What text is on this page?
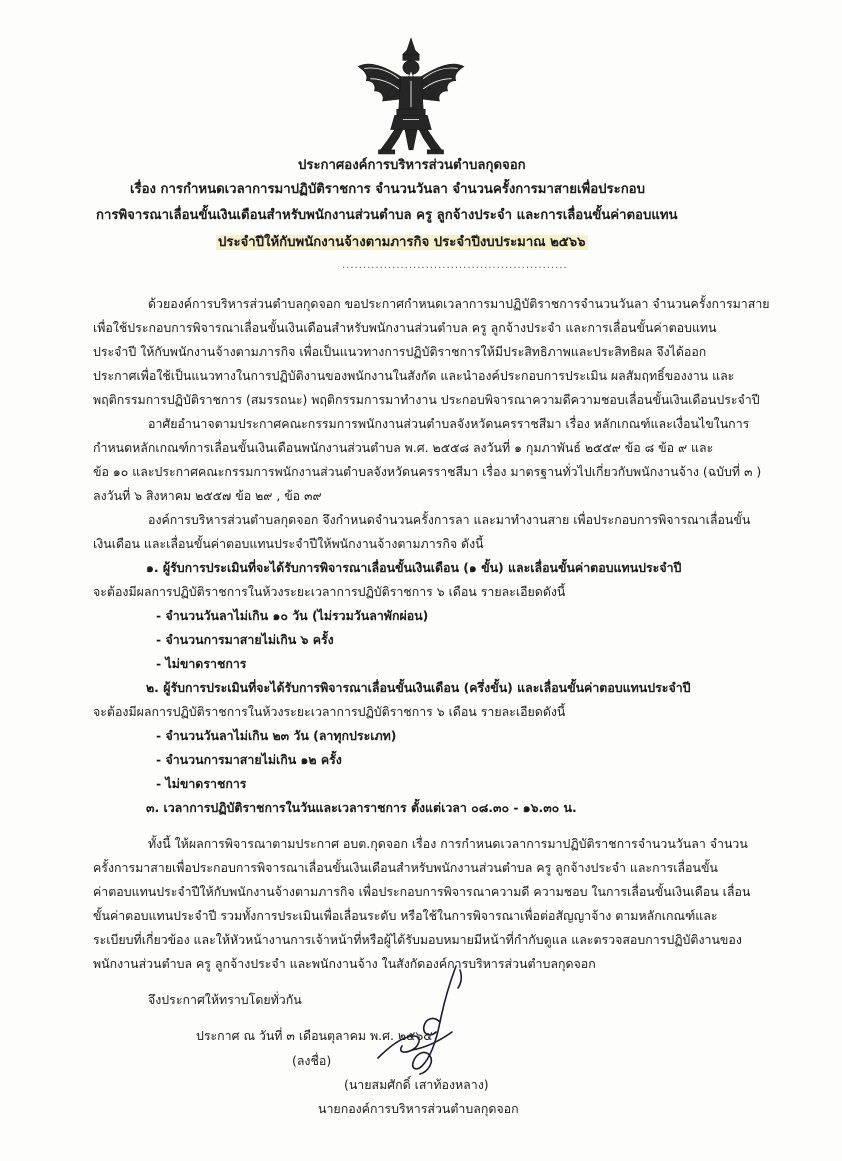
ประกาศองค์การบริหารส่วนตำบลกุดจอก
เรื่อง การกำหนดเวลาการมาปฏิบัติราชการ จำนวนวันลา จำนวนครั้งการมาสายเพื่อประกอบ
การพิจารณาเลื่อนขั้นเงินเดือนสำหรับพนักงานส่วนตำบล ครู ลูกจ้างประจำ และการเลื่อนขั้นค่าตอบแทน
ประจำปีให้กับพนักงานจ้างตามภารกิจ ประจำปีงบประมาณ ๒๕๖๖
......................................................
ด้วยองค์การบริหารส่วนตำบลกุดจอก ขอประกาศกำหนดเวลาการมาปฏิบัติราชการจำนวนวันลา จำนวนครั้งการมาสาย
เพื่อใช้ประกอบการพิจารณาเลื่อนขั้นเงินเดือนสำหรับพนักงานส่วนตำบล ครู ลูกจ้างประจำ และการเลื่อนขั้นค่าตอบแทน
ประจำปี ให้กับพนักงานจ้างตามภารกิจ เพื่อเป็นแนวทางการปฏิบัติราชการให้มีประสิทธิภาพและประสิทธิผล จึงได้ออก
ประกาศเพื่อใช้เป็นแนวทางในการปฏิบัติงานของพนักงานในสังกัด และนำองค์ประกอบการประเมิน ผลสัมฤทธิ์ของงาน และ
พฤติกรรมการปฏิบัติราชการ (สมรรถนะ) พฤติกรรมการมาทำงาน ประกอบพิจารณาความดีความชอบเลื่อนขั้นเงินเดือนประจำปี
อาศัยอำนาจตามประกาศคณะกรรมการพนักงานส่วนตำบลจังหวัดนครราชสีมา เรื่อง หลักเกณฑ์และเงื่อนไขในการ
กำหนดหลักเกณฑ์การเลื่อนขั้นเงินเดือนพนักงานส่วนตำบล พ.ศ. ๒๕๕๘ ลงวันที่ ๑ กุมภาพันธ์ ๒๕๕๙ ข้อ ๘ ข้อ ๙ และ
ข้อ ๑๐ และประกาศคณะกรรมการพนักงานส่วนตำบลจังหวัดนครราชสีมา เรื่อง มาตรฐานทั่วไปเกี่ยวกับพนักงานจ้าง (ฉบับที่ ๓ )
ลงวันที่ ๖ สิงหาคม ๒๕๕๗ ข้อ ๒๙ , ข้อ ๓๙
องค์การบริหารส่วนตำบลกุดจอก จึงกำหนดจำนวนครั้งการลา และมาทำงานสาย เพื่อประกอบการพิจารณาเลื่อนขั้น
เงินเดือน และเลื่อนขั้นค่าตอบแทนประจำปีให้พนักงานจ้างตามภารกิจ ดังนี้
๑. ผู้รับการประเมินที่จะได้รับการพิจารณาเลื่อนขั้นเงินเดือน (๑ ขั้น) และเลื่อนขั้นค่าตอบแทนประจำปี
จะต้องมีผลการปฏิบัติราชการในห้วงระยะเวลาการปฏิบัติราชการ ๖ เดือน รายละเอียดดังนี้
- จำนวนวันลาไม่เกิน ๑๐ วัน (ไม่รวมวันลาพักผ่อน)
- จำนวนการมาสายไม่เกิน ๖ ครั้ง
- ไม่ขาดราชการ
๒. ผู้รับการประเมินที่จะได้รับการพิจารณาเลื่อนขั้นเงินเดือน (ครึ่งขั้น) และเลื่อนขั้นค่าตอบแทนประจำปี
จะต้องมีผลการปฏิบัติราชการในห้วงระยะเวลาการปฏิบัติราชการ ๖ เดือน รายละเอียดดังนี้
- จำนวนวันลาไม่เกิน ๒๓ วัน (ลาทุกประเภท)
- จำนวนการมาสายไม่เกิน ๑๒ ครั้ง
- ไม่ขาดราชการ
๓. เวลาการปฏิบัติราชการในวันและเวลาราชการ ตั้งแต่เวลา ๐๘.๓๐ - ๑๖.๓๐ น.
ทั้งนี้ ให้ผลการพิจารณาตามประกาศ อบต.กุดจอก เรื่อง การกำหนดเวลาการมาปฏิบัติราชการจำนวนวันลา จำนวน
ครั้งการมาสายเพื่อประกอบการพิจารณาเลื่อนขั้นเงินเดือนสำหรับพนักงานส่วนตำบล ครู ลูกจ้างประจำ และการเลื่อนขั้น
ค่าตอบแทนประจำปีให้กับพนักงานจ้างตามภารกิจ เพื่อประกอบการพิจารณาความดี ความชอบ ในการเลื่อนขั้นเงินเดือน เลื่อน
ขั้นค่าตอบแทนประจำปี รวมทั้งการประเมินเพื่อเลื่อนระดับ หรือใช้ในการพิจารณาเพื่อต่อสัญญาจ้าง ตามหลักเกณฑ์และ
ระเบียบที่เกี่ยวข้อง และให้หัวหน้างานการเจ้าหน้าที่หรือผู้ได้รับมอบหมายมีหน้าที่กำกับดูแล และตรวจสอบการปฏิบัติงานของ
พนักงานส่วนตำบล ครู ลูกจ้างประจำ และพนักงานจ้าง ในสังกัดองค์การบริหารส่วนตำบลกุดจอก
จึงประกาศให้ทราบโดยทั่วกัน
ประกาศ ณ วันที่ ๓ เดือนตุลาคม พ.ศ. ๒๕๖๕
(ลงชื่อ)
(นายสมศักดิ์ เสาท้องหลาง)
นายกองค์การบริหารส่วนตำบลกุดจอก
